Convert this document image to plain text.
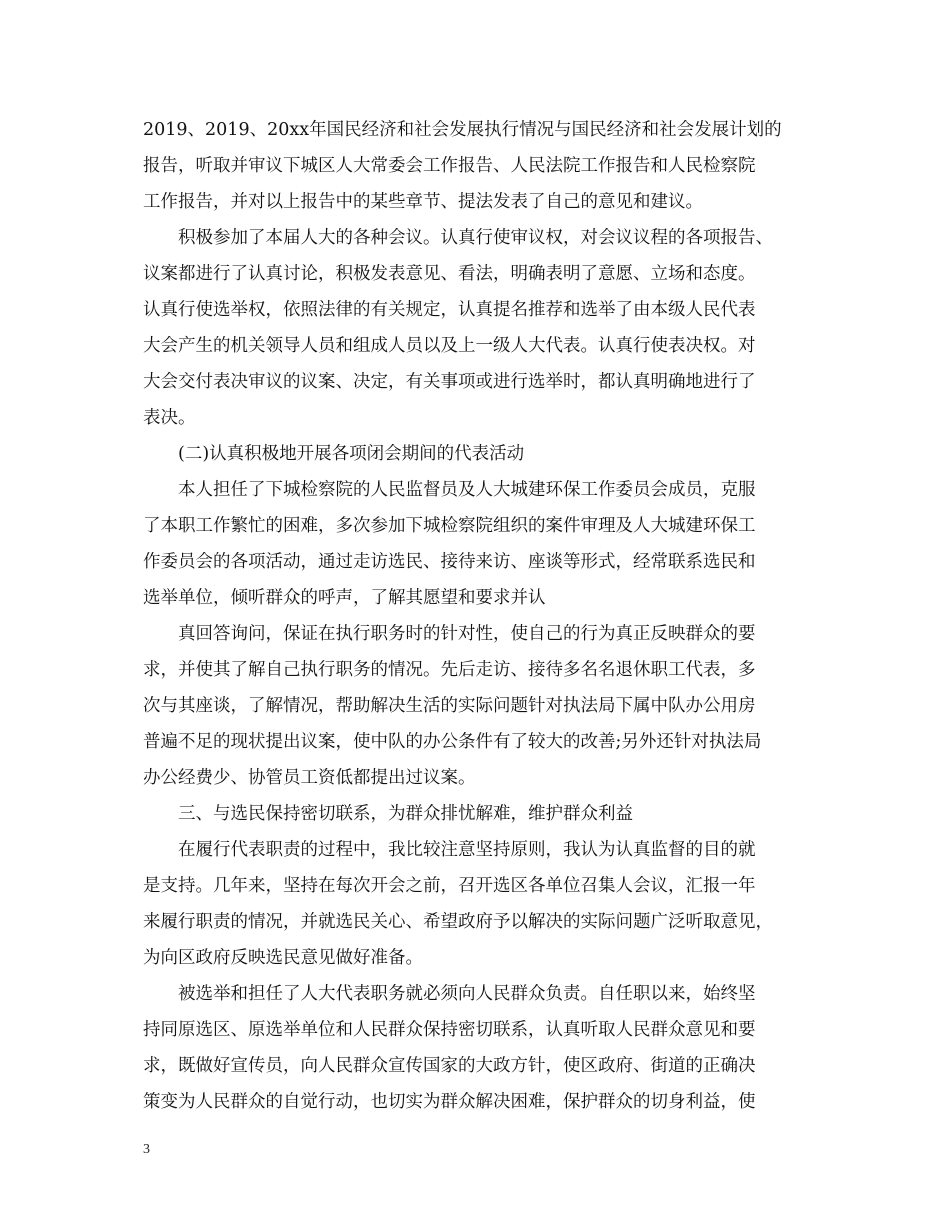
2019、2019、20xx年国民经济和社会发展执行情况与国民经济和社会发展计划的
报告，听取并审议下城区人大常委会工作报告、人民法院工作报告和人民检察院
工作报告，并对以上报告中的某些章节、提法发表了自己的意见和建议。
积极参加了本届人大的各种会议。认真行使审议权，对会议议程的各项报告、
议案都进行了认真讨论，积极发表意见、看法，明确表明了意愿、立场和态度。
认真行使选举权，依照法律的有关规定，认真提名推荐和选举了由本级人民代表
大会产生的机关领导人员和组成人员以及上一级人大代表。认真行使表决权。对
大会交付表决审议的议案、决定，有关事项或进行选举时，都认真明确地进行了
表决。
(二)认真积极地开展各项闭会期间的代表活动
本人担任了下城检察院的人民监督员及人大城建环保工作委员会成员，克服
了本职工作繁忙的困难，多次参加下城检察院组织的案件审理及人大城建环保工
作委员会的各项活动，通过走访选民、接待来访、座谈等形式，经常联系选民和
选举单位，倾听群众的呼声，了解其愿望和要求并认
真回答询问，保证在执行职务时的针对性，使自己的行为真正反映群众的要
求，并使其了解自己执行职务的情况。先后走访、接待多名名退休职工代表，多
次与其座谈，了解情况，帮助解决生活的实际问题针对执法局下属中队办公用房
普遍不足的现状提出议案，使中队的办公条件有了较大的改善;另外还针对执法局
办公经费少、协管员工资低都提出过议案。
三、与选民保持密切联系，为群众排忧解难，维护群众利益
在履行代表职责的过程中，我比较注意坚持原则，我认为认真监督的目的就
是支持。几年来，坚持在每次开会之前，召开选区各单位召集人会议，汇报一年
来履行职责的情况，并就选民关心、希望政府予以解决的实际问题广泛听取意见，
为向区政府反映选民意见做好准备。
被选举和担任了人大代表职务就必须向人民群众负责。自任职以来，始终坚
持同原选区、原选举单位和人民群众保持密切联系，认真听取人民群众意见和要
求，既做好宣传员，向人民群众宣传国家的大政方针，使区政府、街道的正确决
策变为人民群众的自觉行动，也切实为群众解决困难，保护群众的切身利益，使
3
